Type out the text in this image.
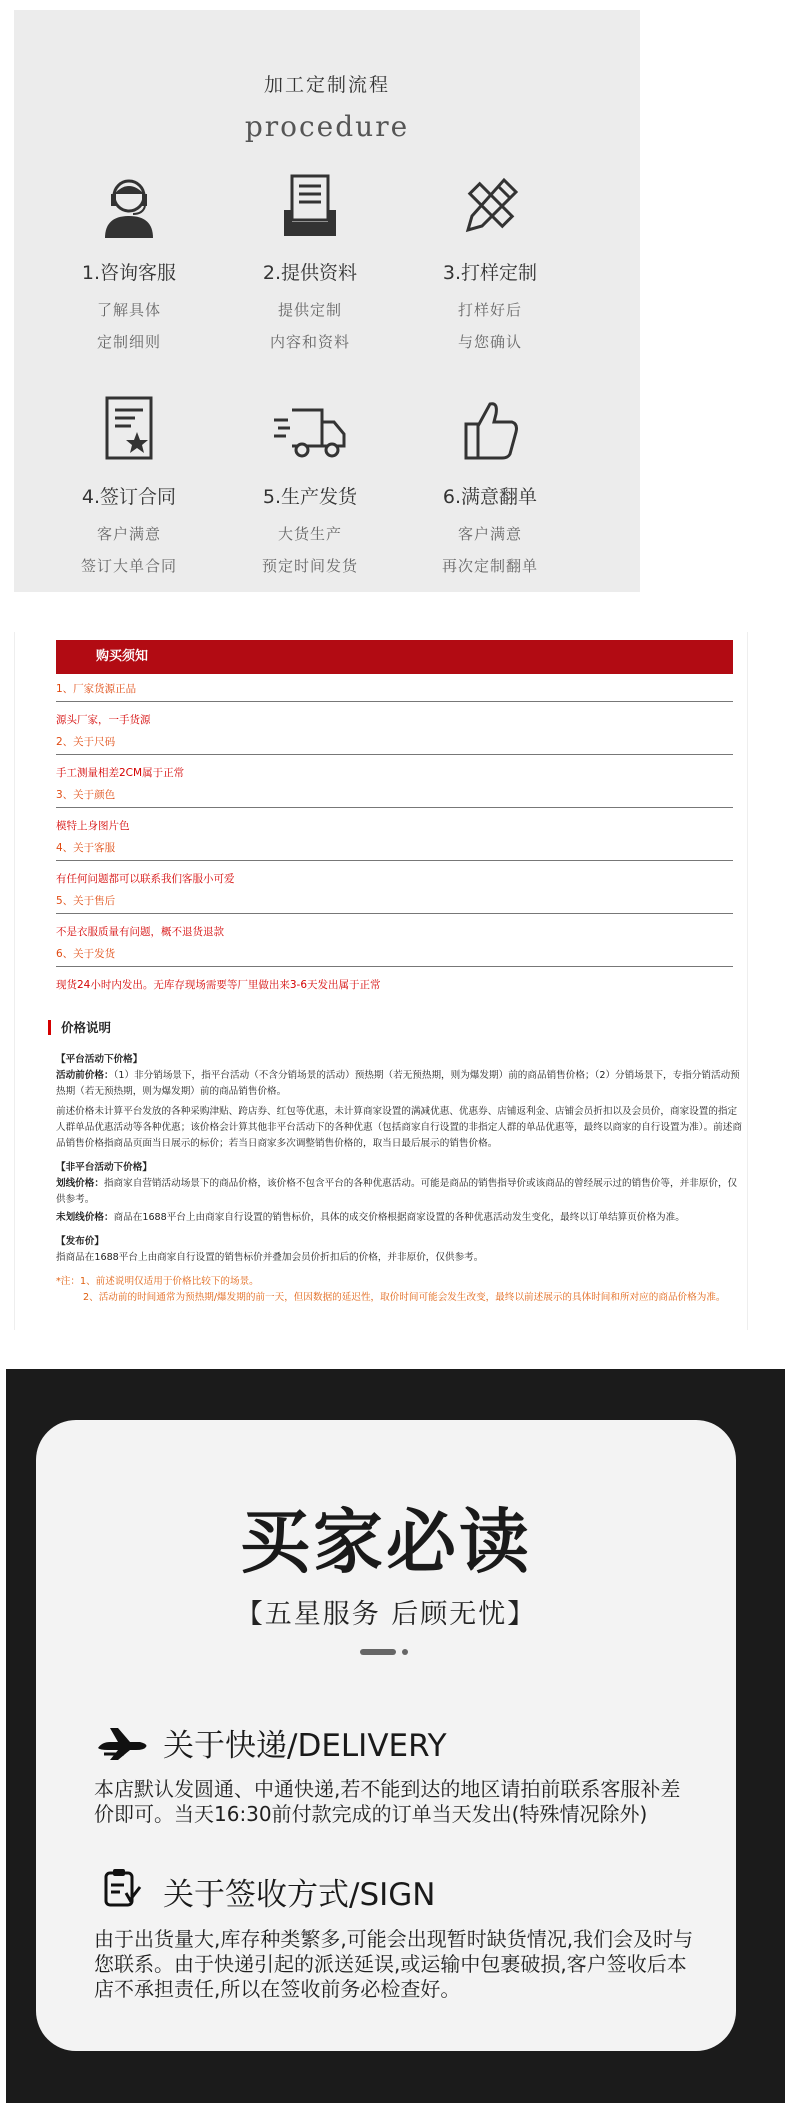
加工定制流程
procedure
1.咨询客服
了解具体
定制细则
2.提供资料
提供定制
内容和资料
3.打样定制
打样好后
与您确认
4.签订合同
客户满意
签订大单合同
5.生产发货
大货生产
预定时间发货
6.满意翻单
客户满意
再次定制翻单
购买须知
1、厂家货源正品
源头厂家，一手货源
2、关于尺码
手工测量相差2CM属于正常
3、关于颜色
模特上身图片色
4、关于客服
有任何问题都可以联系我们客服小可爱
5、关于售后
不是衣服质量有问题，概不退货退款
6、关于发货
现货24小时内发出。无库存现场需要等厂里做出来3-6天发出属于正常
价格说明
【平台活动下价格】
活动前价格：（1）非分销场景下，指平台活动（不含分销场景的活动）预热期（若无预热期，则为爆发期）前的商品销售价格；（2）分销场景下，专指分销活动预热期（若无预热期，则为爆发期）前的商品销售价格。
前述价格未计算平台发放的各种采购津贴、跨店券、红包等优惠，未计算商家设置的满减优惠、优惠券、店铺返利金、店铺会员折扣以及会员价，商家设置的指定人群单品优惠活动等各种优惠；该价格会计算其他非平台活动下的各种优惠（包括商家自行设置的非指定人群的单品优惠等，最终以商家的自行设置为准）。前述商品销售价格指商品页面当日展示的标价；若当日商家多次调整销售价格的，取当日最后展示的销售价格。
【非平台活动下价格】
划线价格：指商家自营销活动场景下的商品价格，该价格不包含平台的各种优惠活动。可能是商品的销售指导价或该商品的曾经展示过的销售价等，并非原价，仅供参考。
未划线价格：商品在1688平台上由商家自行设置的销售标价，具体的成交价格根据商家设置的各种优惠活动发生变化，最终以订单结算页价格为准。
【发布价】
指商品在1688平台上由商家自行设置的销售标价并叠加会员价折扣后的价格，并非原价，仅供参考。
*注：1、前述说明仅适用于价格比较下的场景。
2、活动前的时间通常为预热期/爆发期的前一天，但因数据的延迟性，取价时间可能会发生改变，最终以前述展示的具体时间和所对应的商品价格为准。
买家必读
【五星服务 后顾无忧】
关于快递/DELIVERY
本店默认发圆通、中通快递,若不能到达的地区请拍前联系客服补差价即可。当天16:30前付款完成的订单当天发出(特殊情况除外)
关于签收方式/SIGN
由于出货量大,库存种类繁多,可能会出现暂时缺货情况,我们会及时与您联系。由于快递引起的派送延误,或运输中包裹破损,客户签收后本店不承担责任,所以在签收前务必检查好。
